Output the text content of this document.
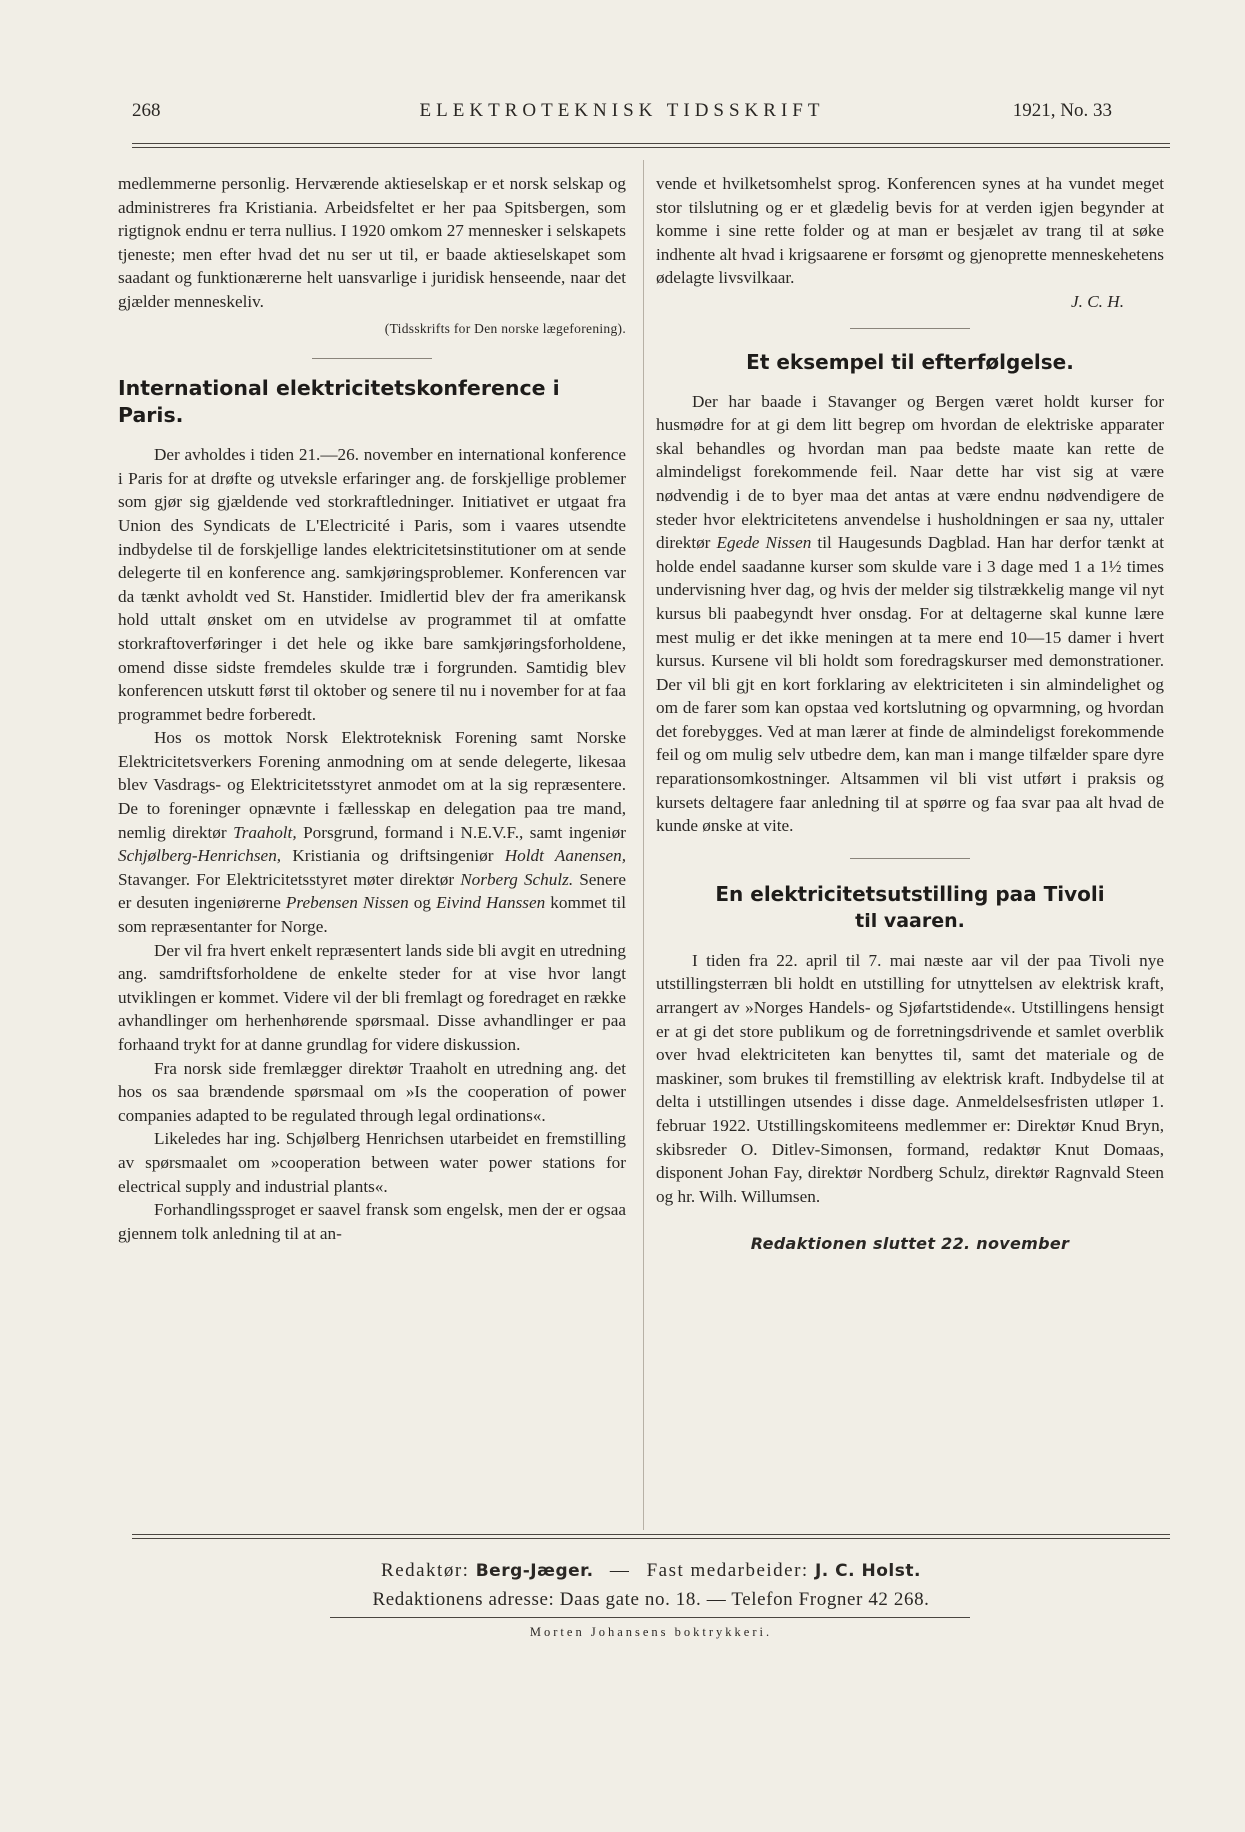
268	ELEKTROTEKNISK TIDSSKRIFT	1921, No. 33

medlemmerne personlig. Herværende aktieselskap er et norsk selskap og administreres fra Kristiania. Arbeidsfeltet er her paa Spitsbergen, som rigtignok endnu er terra nullius. I 1920 omkom 27 mennesker i selskapets tjeneste; men efter hvad det nu ser ut til, er baade aktieselskapet som saadant og funktionærerne helt uansvarlige i juridisk henseende, naar det gjælder menneskeliv.

(Tidsskrifts for Den norske lægeforening).
International elektricitetskonference i Paris.

Der avholdes i tiden 21.—26. november en international konference i Paris for at drøfte og utveksle erfaringer ang. de forskjellige problemer som gjør sig gjældende ved storkraftledninger. Initiativet er utgaat fra Union des Syndicats de L'Electricité i Paris, som i vaares utsendte indbydelse til de forskjellige landes elektricitetsinstitutioner om at sende delegerte til en konference ang. samkjøringsproblemer. Konferencen var da tænkt avholdt ved St. Hanstider. Imidlertid blev der fra amerikansk hold uttalt ønsket om en utvidelse av programmet til at omfatte storkraftoverføringer i det hele og ikke bare samkjøringsforholdene, omend disse sidste fremdeles skulde træ i forgrunden. Samtidig blev konferencen utskutt først til oktober og senere til nu i november for at faa programmet bedre forberedt.

Hos os mottok Norsk Elektroteknisk Forening samt Norske Elektricitetsverkers Forening anmodning om at sende delegerte, likesaa blev Vasdrags- og Elektricitetsstyret anmodet om at la sig repræsentere. De to foreninger opnævnte i fællesskap en delegation paa tre mand, nemlig direktør Traaholt, Porsgrund, formand i N.E.V.F., samt ingeniør Schjølberg-Henrichsen, Kristiania og driftsingeniør Holdt Aanensen, Stavanger. For Elektricitetsstyret møter direktør Norberg Schulz. Senere er desuten ingeniørerne Prebensen Nissen og Eivind Hanssen kommet til som repræsentanter for Norge.

Der vil fra hvert enkelt repræsentert lands side bli avgit en utredning ang. samdriftsforholdene de enkelte steder for at vise hvor langt utviklingen er kommet. Videre vil der bli fremlagt og foredraget en række avhandlinger om herhenhørende spørsmaal. Disse avhandlinger er paa forhaand trykt for at danne grundlag for videre diskussion.

Fra norsk side fremlægger direktør Traaholt en utredning ang. det hos os saa brændende spørsmaal om »Is the cooperation of power companies adapted to be regulated through legal ordinations«.

Likeledes har ing. Schjølberg Henrichsen utarbeidet en fremstilling av spørsmaalet om »cooperation between water power stations for electrical supply and industrial plants«.

Forhandlingssproget er saavel fransk som engelsk, men der er ogsaa gjennem tolk anledning til at an-

vende et hvilketsomhelst sprog. Konferencen synes at ha vundet meget stor tilslutning og er et glædelig bevis for at verden igjen begynder at komme i sine rette folder og at man er besjælet av trang til at søke indhente alt hvad i krigsaarene er forsømt og gjenoprette menneskehetens ødelagte livsvilkaar.

J. C. H.
Et eksempel til efterfølgelse.

Der har baade i Stavanger og Bergen været holdt kurser for husmødre for at gi dem litt begrep om hvordan de elektriske apparater skal behandles og hvordan man paa bedste maate kan rette de almindeligst forekommende feil. Naar dette har vist sig at være nødvendig i de to byer maa det antas at være endnu nødvendigere de steder hvor elektricitetens anvendelse i husholdningen er saa ny, uttaler direktør Egede Nissen til Haugesunds Dagblad. Han har derfor tænkt at holde endel saadanne kurser som skulde vare i 3 dage med 1 a 1½ times undervisning hver dag, og hvis der melder sig tilstrækkelig mange vil nyt kursus bli paabegyndt hver onsdag. For at deltagerne skal kunne lære mest mulig er det ikke meningen at ta mere end 10—15 damer i hvert kursus. Kursene vil bli holdt som foredragskurser med demonstrationer. Der vil bli gjt en kort forklaring av elektriciteten i sin almindelighet og om de farer som kan opstaa ved kortslutning og opvarmning, og hvordan det forebygges. Ved at man lærer at finde de almindeligst forekommende feil og om mulig selv utbedre dem, kan man i mange tilfælder spare dyre reparationsomkostninger. Altsammen vil bli vist utført i praksis og kursets deltagere faar anledning til at spørre og faa svar paa alt hvad de kunde ønske at vite.

En elektricitetsutstilling paa Tivoli
til vaaren.

I tiden fra 22. april til 7. mai næste aar vil der paa Tivoli nye utstillingsterræn bli holdt en utstilling for utnyttelsen av elektrisk kraft, arrangert av »Norges Handels- og Sjøfartstidende«. Utstillingens hensigt er at gi det store publikum og de forretningsdrivende et samlet overblik over hvad elektriciteten kan benyttes til, samt det materiale og de maskiner, som brukes til fremstilling av elektrisk kraft. Indbydelse til at delta i utstillingen utsendes i disse dage. Anmeldelsesfristen utløper 1. februar 1922. Utstillingskomiteens medlemmer er: Direktør Knud Bryn, skibsreder O. Ditlev-Simonsen, formand, redaktør Knut Domaas, disponent Johan Fay, direktør Nordberg Schulz, direktør Ragnvald Steen og hr. Wilh. Willumsen.

Redaktionen sluttet 22. november
Redaktør: Berg-Jæger. — Fast medarbeider: J. C. Holst.
Redaktionens adresse: Daas gate no. 18. — Telefon Frogner 42 268.
Morten Johansens boktrykkeri.
